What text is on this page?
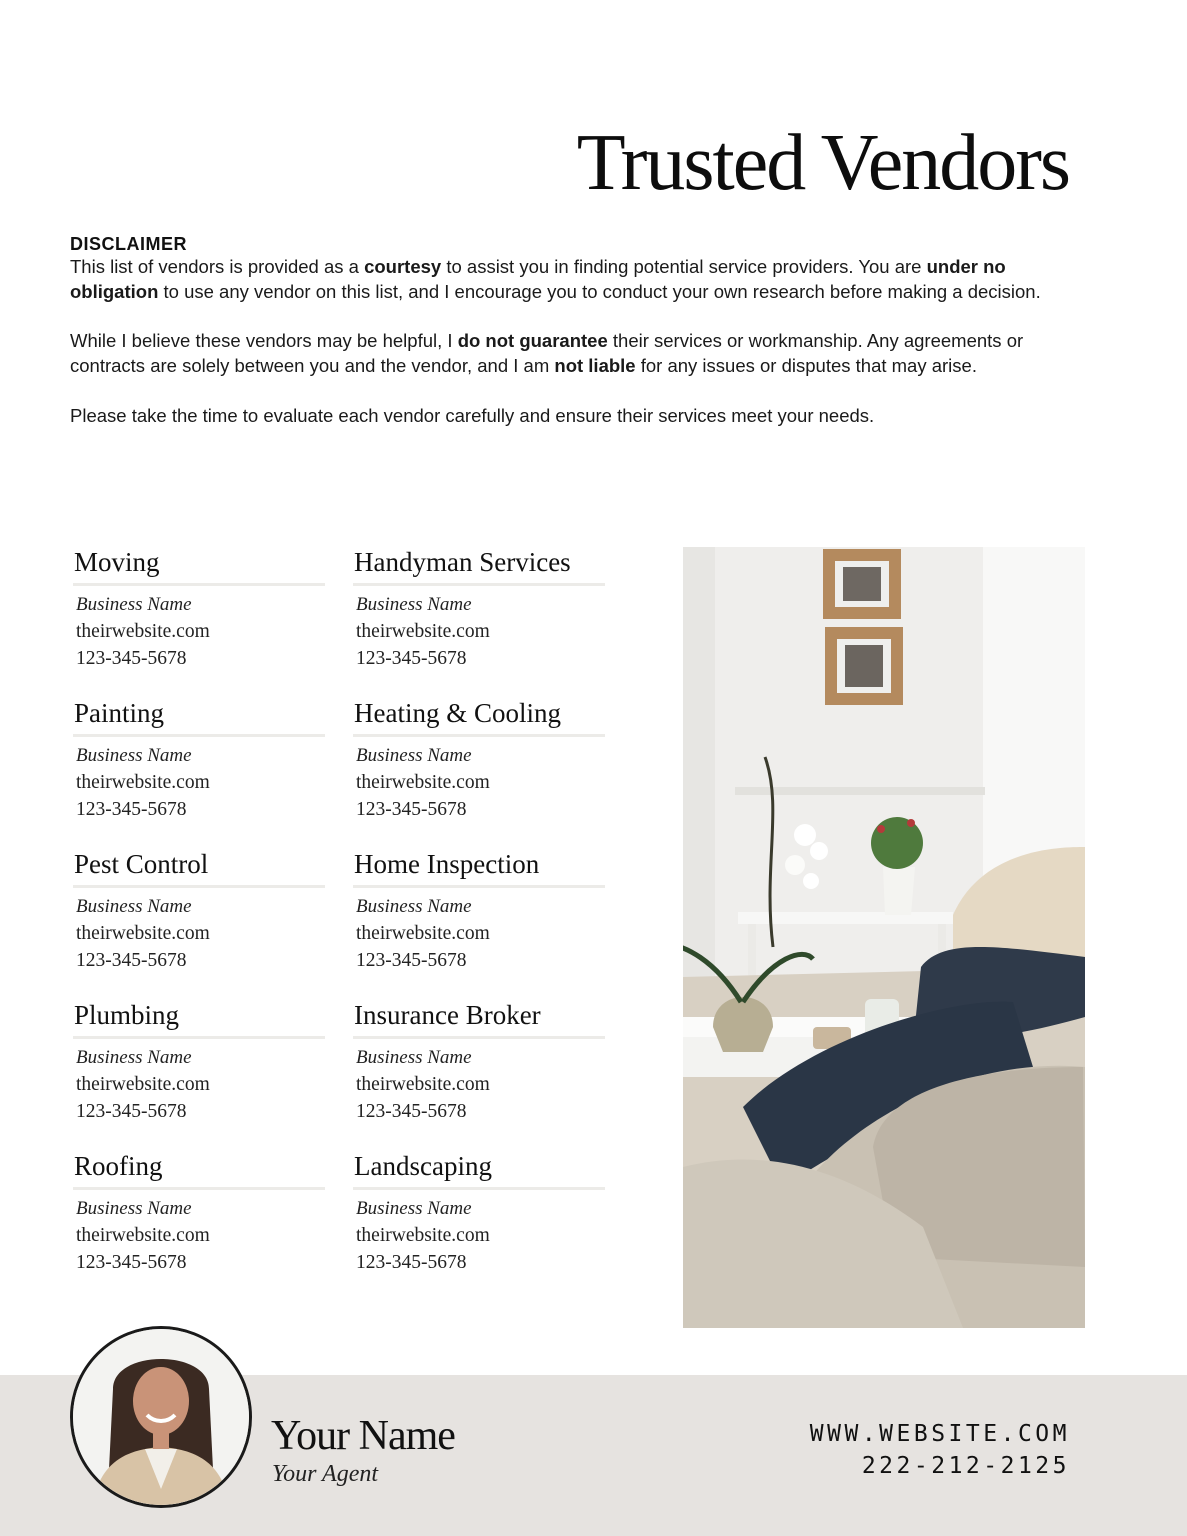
Trusted Vendors
DISCLAIMER

This list of vendors is provided as a courtesy to assist you in finding potential service providers. You are under no obligation to use any vendor on this list, and I encourage you to conduct your own research before making a decision.

While I believe these vendors may be helpful, I do not guarantee their services or workmanship. Any agreements or contracts are solely between you and the vendor, and I am not liable for any issues or disputes that may arise.

Please take the time to evaluate each vendor carefully and ensure their services meet your needs.

Moving
Business Name
theirwebsite.com
123-345-5678
Handyman Services
Business Name
theirwebsite.com
123-345-5678
Painting
Business Name
theirwebsite.com
123-345-5678
Heating & Cooling
Business Name
theirwebsite.com
123-345-5678
Pest Control
Business Name
theirwebsite.com
123-345-5678
Home Inspection
Business Name
theirwebsite.com
123-345-5678
Plumbing
Business Name
theirwebsite.com
123-345-5678
Insurance Broker
Business Name
theirwebsite.com
123-345-5678
Roofing
Business Name
theirwebsite.com
123-345-5678
Landscaping
Business Name
theirwebsite.com
123-345-5678
Your Name
Your Agent
WWW.WEBSITE.COM
222-212-2125
